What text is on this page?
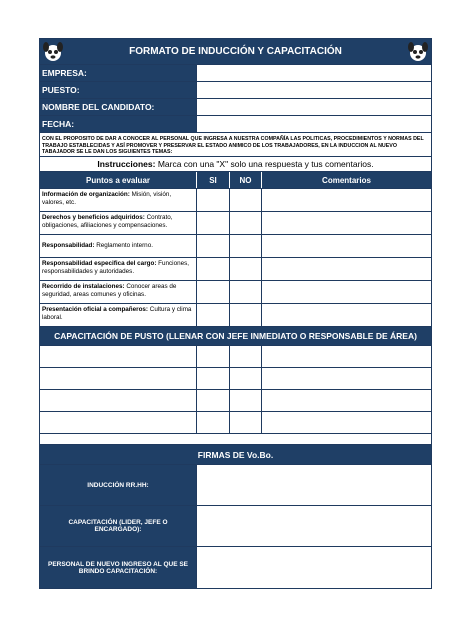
FORMATO DE INDUCCIÓN Y CAPACITACIÓN
EMPRESA:
PUESTO:
NOMBRE DEL CANDIDATO:
FECHA:
CON EL PROPOSITO DE DAR A CONOCER AL PERSONAL QUE INGRESA A NUESTRA COMPAÑÍA LAS POLITICAS, PROCEDIMIENTOS Y NORMAS DEL TRABAJO ESTABLECIDAS Y ASÍ PROMOVER Y PRESERVAR EL ESTADO ANIMICO DE LOS TRABAJADORES, EN LA INDUCCION AL NUEVO TABAJADOR SE LE DAN LOS SIGUIENTES TEMAS:
Instrucciones: Marca con una "X" solo una respuesta y tus comentarios.
Puntos a evaluar	SI	NO	Comentarios
Información de organización: Misión, visión, valores, etc.
Derechos y beneficios adquiridos: Contrato, obligaciones, afiliaciones y compensaciones.
Responsabilidad: Reglamento interno.
Responsabilidad especifica del cargo: Funciones, responsabilidades y autoridades.
Recorrido de instalaciones: Conocer areas de seguridad, areas comunes y oficinas.
Presentación oficial a compañeros: Cultura y clima laboral.
CAPACITACIÓN DE PUSTO (LLENAR CON JEFE INMEDIATO O RESPONSABLE DE ÁREA)
FIRMAS DE Vo.Bo.
INDUCCIÓN RR.HH:
CAPACITACIÓN (LIDER, JEFE O ENCARGADO):
PERSONAL DE NUEVO INGRESO AL QUE SE BRINDO CAPACITACIÓN:
